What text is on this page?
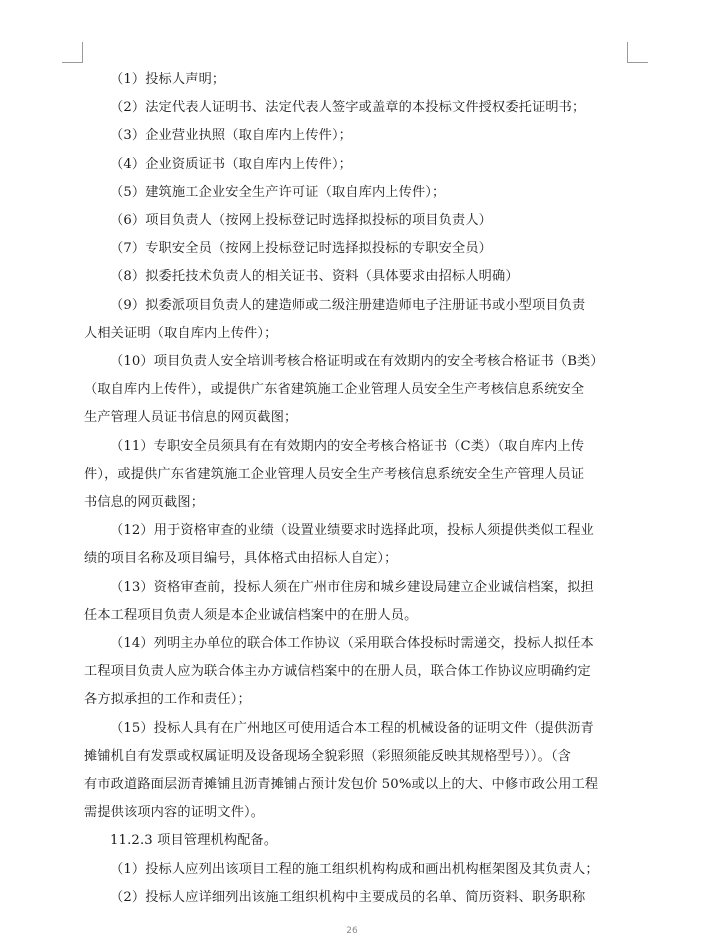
（1）投标人声明；
（2）法定代表人证明书、法定代表人签字或盖章的本投标文件授权委托证明书；
（3）企业营业执照（取自库内上传件）；
（4）企业资质证书（取自库内上传件）；
（5）建筑施工企业安全生产许可证（取自库内上传件）；
（6）项目负责人（按网上投标登记时选择拟投标的项目负责人）
（7）专职安全员（按网上投标登记时选择拟投标的专职安全员）
（8）拟委托技术负责人的相关证书、资料（具体要求由招标人明确）
（9）拟委派项目负责人的建造师或二级注册建造师电子注册证书或小型项目负责
人相关证明（取自库内上传件）；
（10）项目负责人安全培训考核合格证明或在有效期内的安全考核合格证书（B类）
（取自库内上传件），或提供广东省建筑施工企业管理人员安全生产考核信息系统安全
生产管理人员证书信息的网页截图；
（11）专职安全员须具有在有效期内的安全考核合格证书（C类）（取自库内上传
件），或提供广东省建筑施工企业管理人员安全生产考核信息系统安全生产管理人员证
书信息的网页截图；
（12）用于资格审查的业绩（设置业绩要求时选择此项，投标人须提供类似工程业
绩的项目名称及项目编号，具体格式由招标人自定）；
（13）资格审查前，投标人须在广州市住房和城乡建设局建立企业诚信档案，拟担
任本工程项目负责人须是本企业诚信档案中的在册人员。
（14）列明主办单位的联合体工作协议（采用联合体投标时需递交，投标人拟任本
工程项目负责人应为联合体主办方诚信档案中的在册人员，联合体工作协议应明确约定
各方拟承担的工作和责任）；
（15）投标人具有在广州地区可使用适合本工程的机械设备的证明文件（提供沥青
摊铺机自有发票或权属证明及设备现场全貌彩照（彩照须能反映其规格型号））。（含
有市政道路面层沥青摊铺且沥青摊铺占预计发包价 50%或以上的大、中修市政公用工程
需提供该项内容的证明文件）。
11.2.3 项目管理机构配备。
（1）投标人应列出该项目工程的施工组织机构构成和画出机构框架图及其负责人；
（2）投标人应详细列出该施工组织机构中主要成员的名单、简历资料、职务职称
26
